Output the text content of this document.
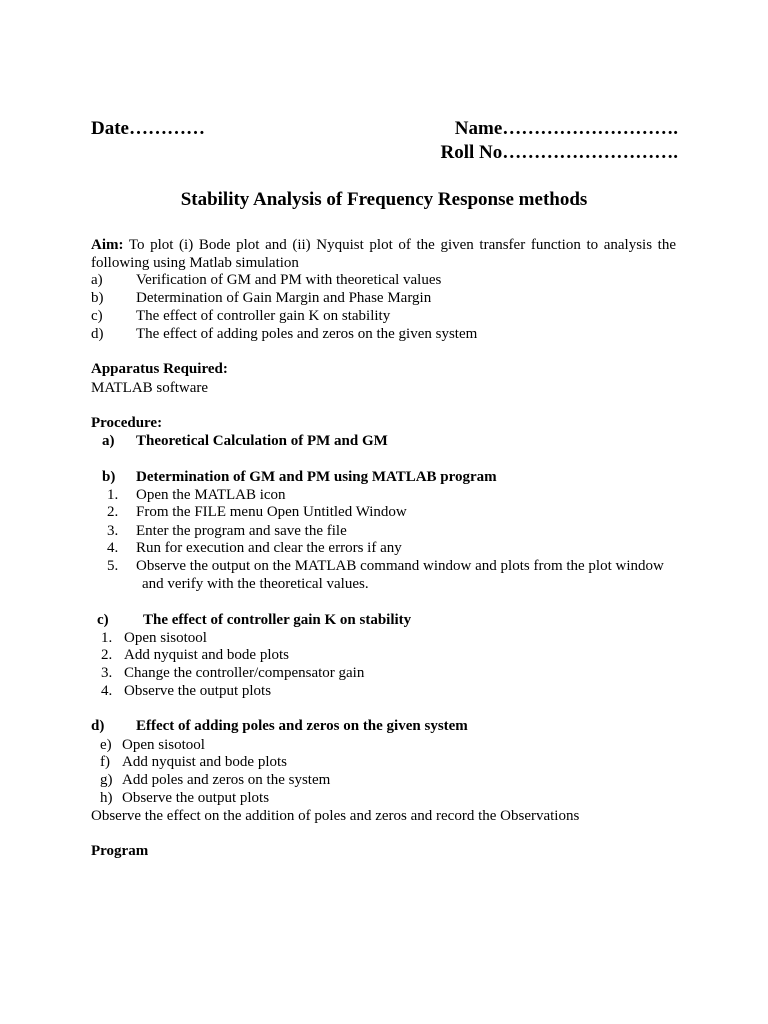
Date…………	Name……………………….
Roll No……………………….
Stability Analysis of Frequency Response methods
Aim: To plot (i) Bode plot and (ii) Nyquist plot of the given transfer function to analysis the following using Matlab simulation
a) Verification of GM and PM with theoretical values
b) Determination of Gain Margin and Phase Margin
c) The effect of controller gain K on stability
d) The effect of adding poles and zeros on the given system
Apparatus Required:
MATLAB software
Procedure:
a) Theoretical Calculation of PM and GM
b) Determination of GM and PM using MATLAB program
1. Open the MATLAB icon
2. From the FILE menu Open Untitled Window
3. Enter the program and save the file
4. Run for execution and clear the errors if any
5. Observe the output on the MATLAB command window and plots from the plot window
and verify with the theoretical values.
c) The effect of controller gain K on stability
1. Open sisotool
2. Add nyquist and bode plots
3. Change the controller/compensator gain
4. Observe the output plots
d) Effect of adding poles and zeros on the given system
e) Open sisotool
f) Add nyquist and bode plots
g) Add poles and zeros on the system
h) Observe the output plots
Observe the effect on the addition of poles and zeros and record the Observations
Program
